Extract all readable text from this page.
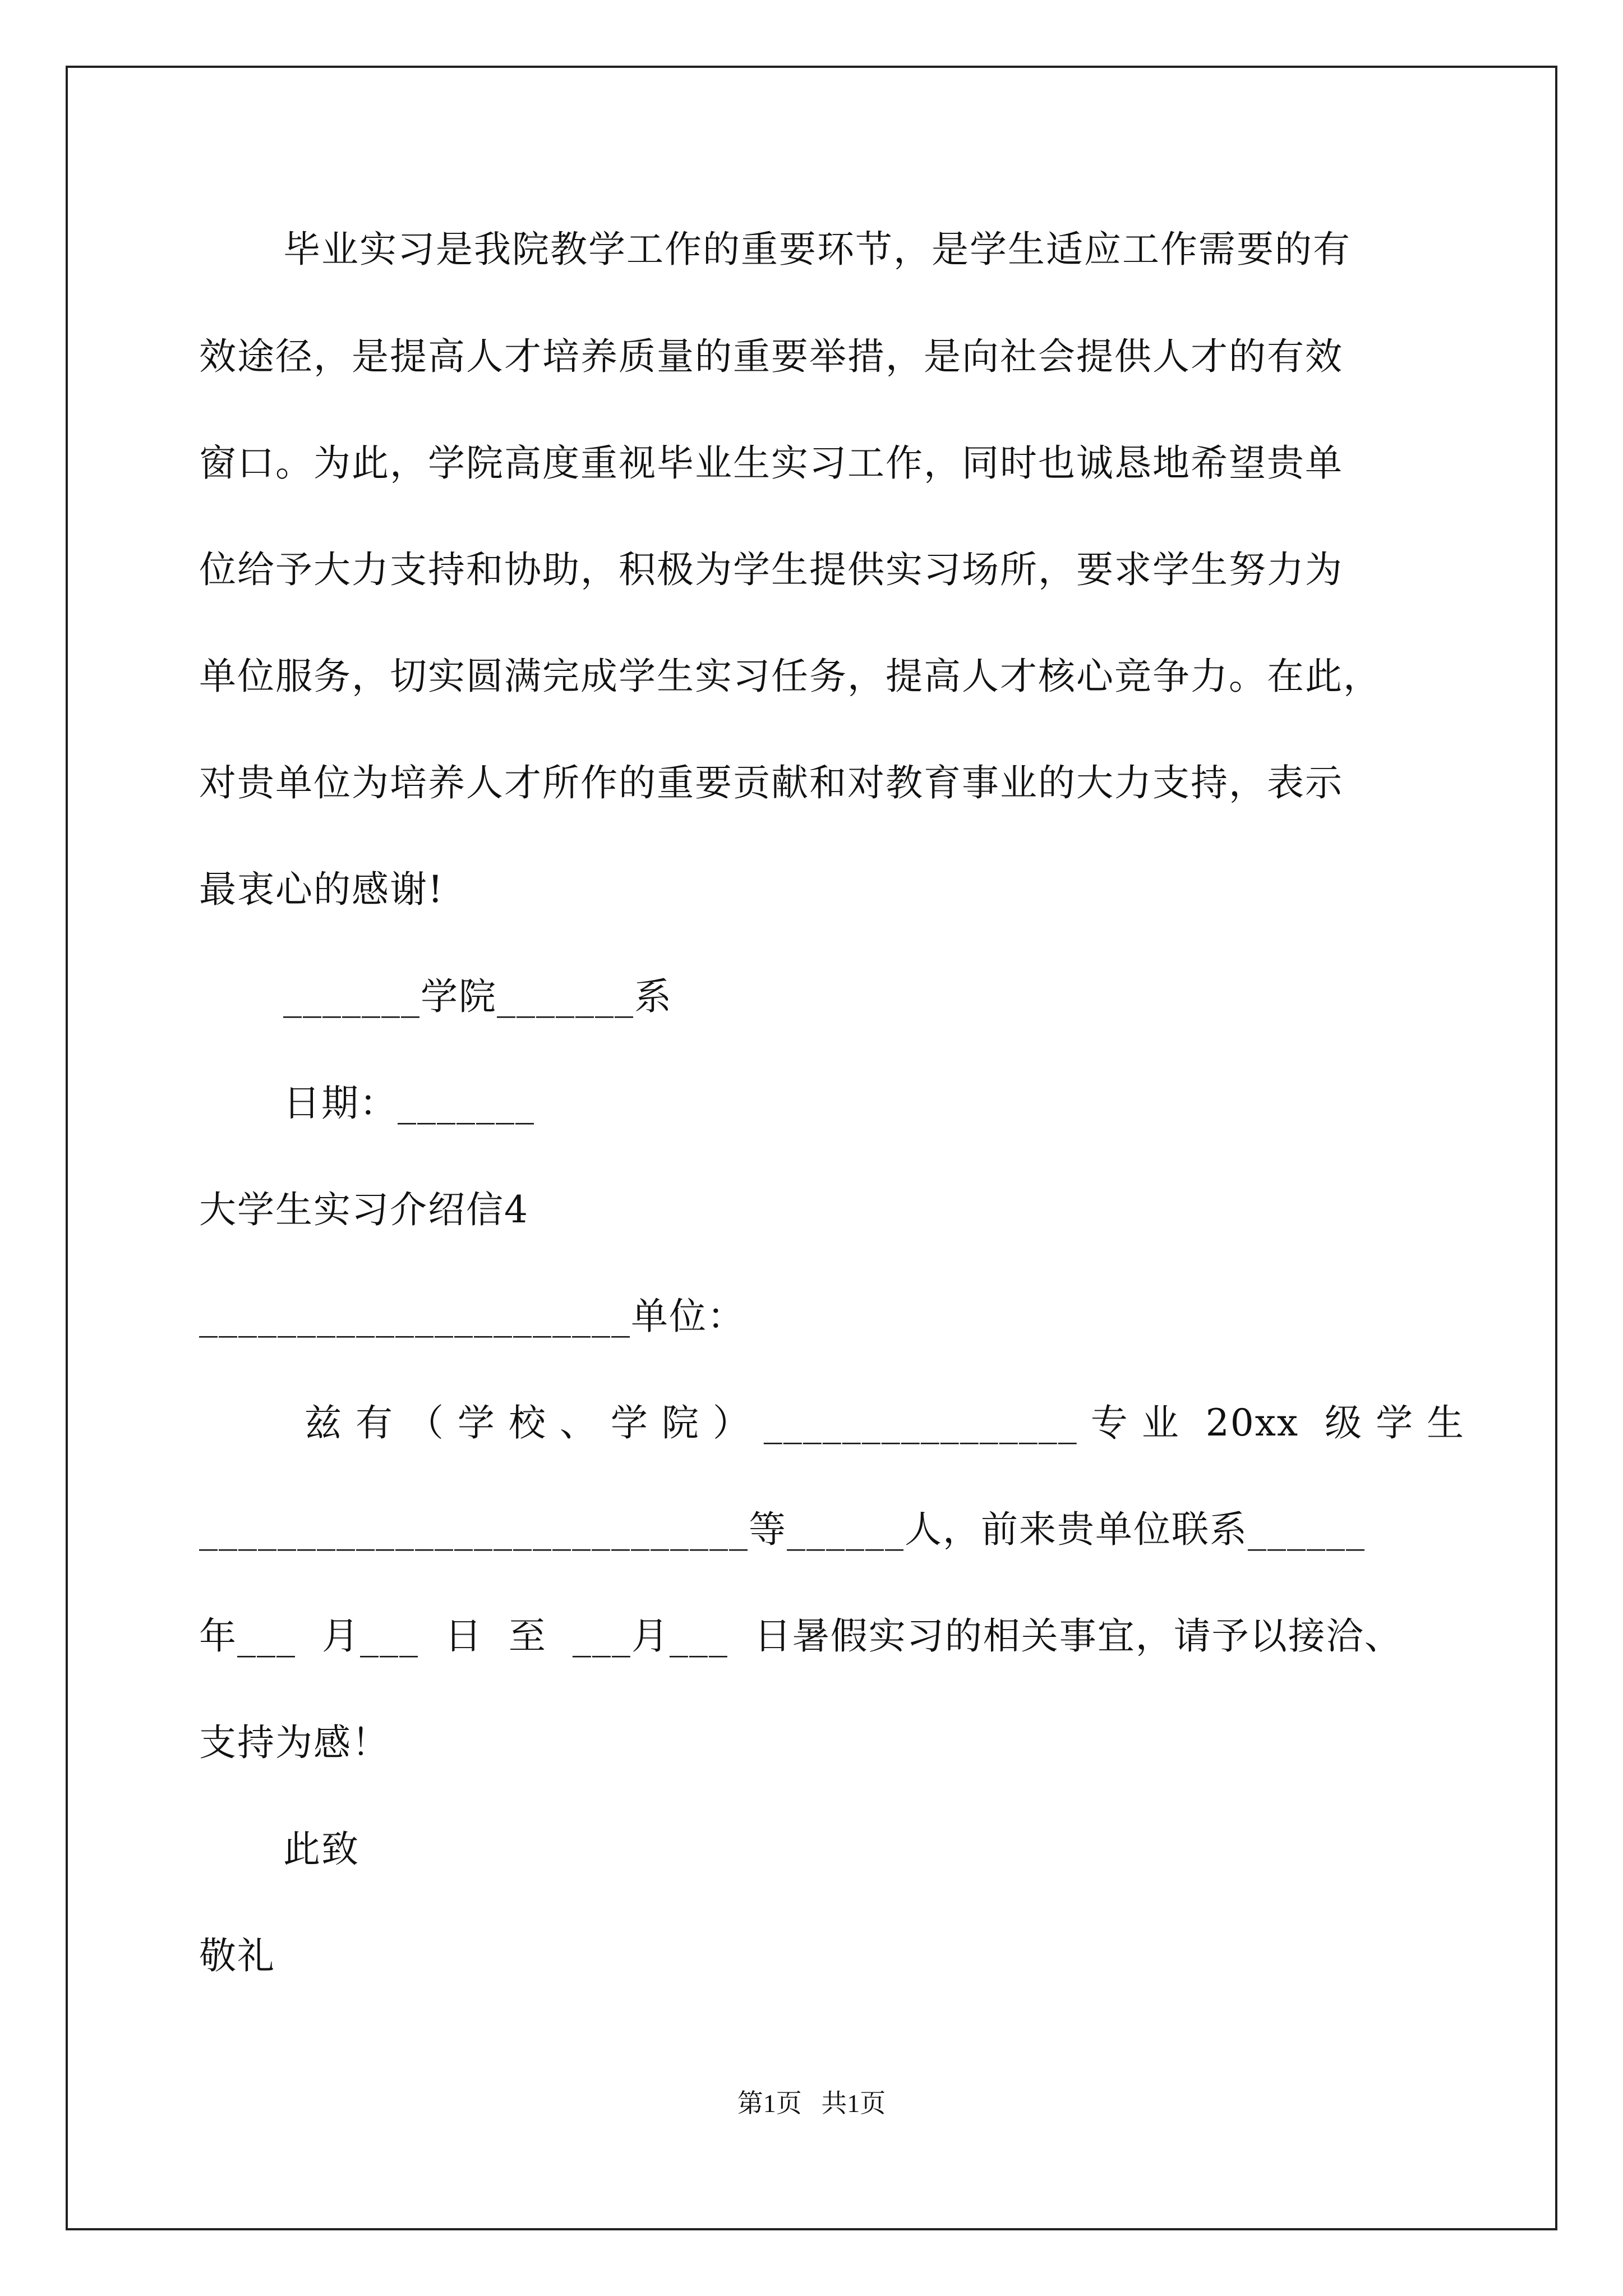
毕业实习是我院教学工作的重要环节，是学生适应工作需要的有
效途径，是提高人才培养质量的重要举措，是向社会提供人才的有效
窗口。为此，学院高度重视毕业生实习工作，同时也诚恳地希望贵单
位给予大力支持和协助，积极为学生提供实习场所，要求学生努力为
单位服务，切实圆满完成学生实习任务，提高人才核心竞争力。在此，
对贵单位为培养人才所作的重要贡献和对教育事业的大力支持，表示
最衷心的感谢!
_______学院_______系
日期：_______
大学生实习介绍信4
______________________单位：
兹 有 （ 学 校 、 学 院 ） ________________ 专 业  20xx  级 学 生
____________________________等______人，前来贵单位联系______
年___  月___  日  至  ___月___  日暑假实习的相关事宜，请予以接洽、
支持为感！
此致
敬礼
第1页   共1页
